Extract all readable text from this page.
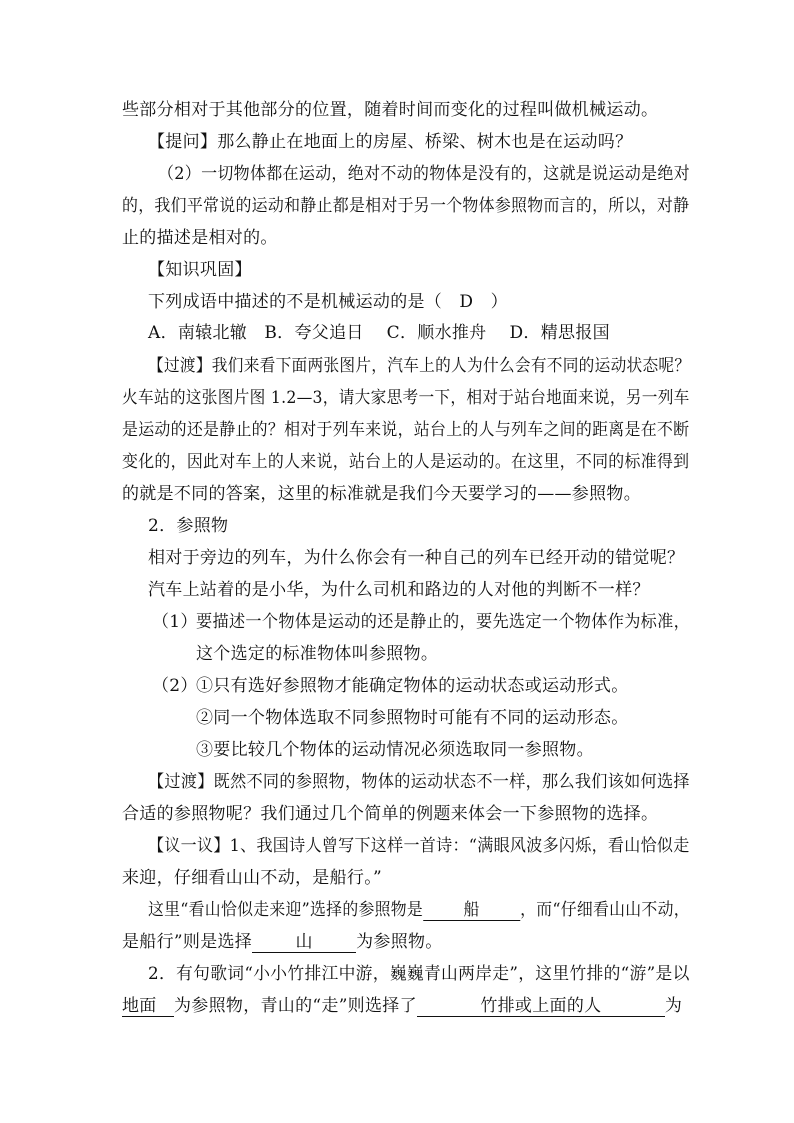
些部分相对于其他部分的位置，随着时间而变化的过程叫做机械运动。
【提问】那么静止在地面上的房屋、桥梁、树木也是在运动吗？
（2）一切物体都在运动，绝对不动的物体是没有的，这就是说运动是绝对
的，我们平常说的运动和静止都是相对于另一个物体参照物而言的，所以，对静
止的描述是相对的。
【知识巩固】
下列成语中描述的不是机械运动的是（　D　）
A．南辕北辙　B．夸父追日　 C．顺水推舟　 D．精思报国
【过渡】我们来看下面两张图片，汽车上的人为什么会有不同的运动状态呢？
火车站的这张图片图 1.2—3，请大家思考一下，相对于站台地面来说，另一列车
是运动的还是静止的？相对于列车来说，站台上的人与列车之间的距离是在不断
变化的，因此对车上的人来说，站台上的人是运动的。在这里，不同的标准得到
的就是不同的答案，这里的标准就是我们今天要学习的——参照物。
2．参照物
相对于旁边的列车，为什么你会有一种自己的列车已经开动的错觉呢？
汽车上站着的是小华，为什么司机和路边的人对他的判断不一样？
（1）
要描述一个物体是运动的还是静止的，要先选定一个物体作为标准，
这个选定的标准物体叫参照物。
（2）
①只有选好参照物才能确定物体的运动状态或运动形式。
②同一个物体选取不同参照物时可能有不同的运动形态。
③要比较几个物体的运动情况必须选取同一参照物。
【过渡】既然不同的参照物，物体的运动状态不一样，那么我们该如何选择
合适的参照物呢？我们通过几个简单的例题来体会一下参照物的选择。
【议一议】1、我国诗人曾写下这样一首诗：“满眼风波多闪烁，看山恰似走
来迎，仔细看山山不动，是船行。”
这里“看山恰似走来迎”选择的参照物是 船 ，而“仔细看山山不动，
是船行”则是选择	山	为参照物。
2．有句歌词“小小竹排江中游，巍巍青山两岸走”，这里竹排的“游”是以
地面 为参照物，青山的“走”则选择了	竹排或上面的人	为
